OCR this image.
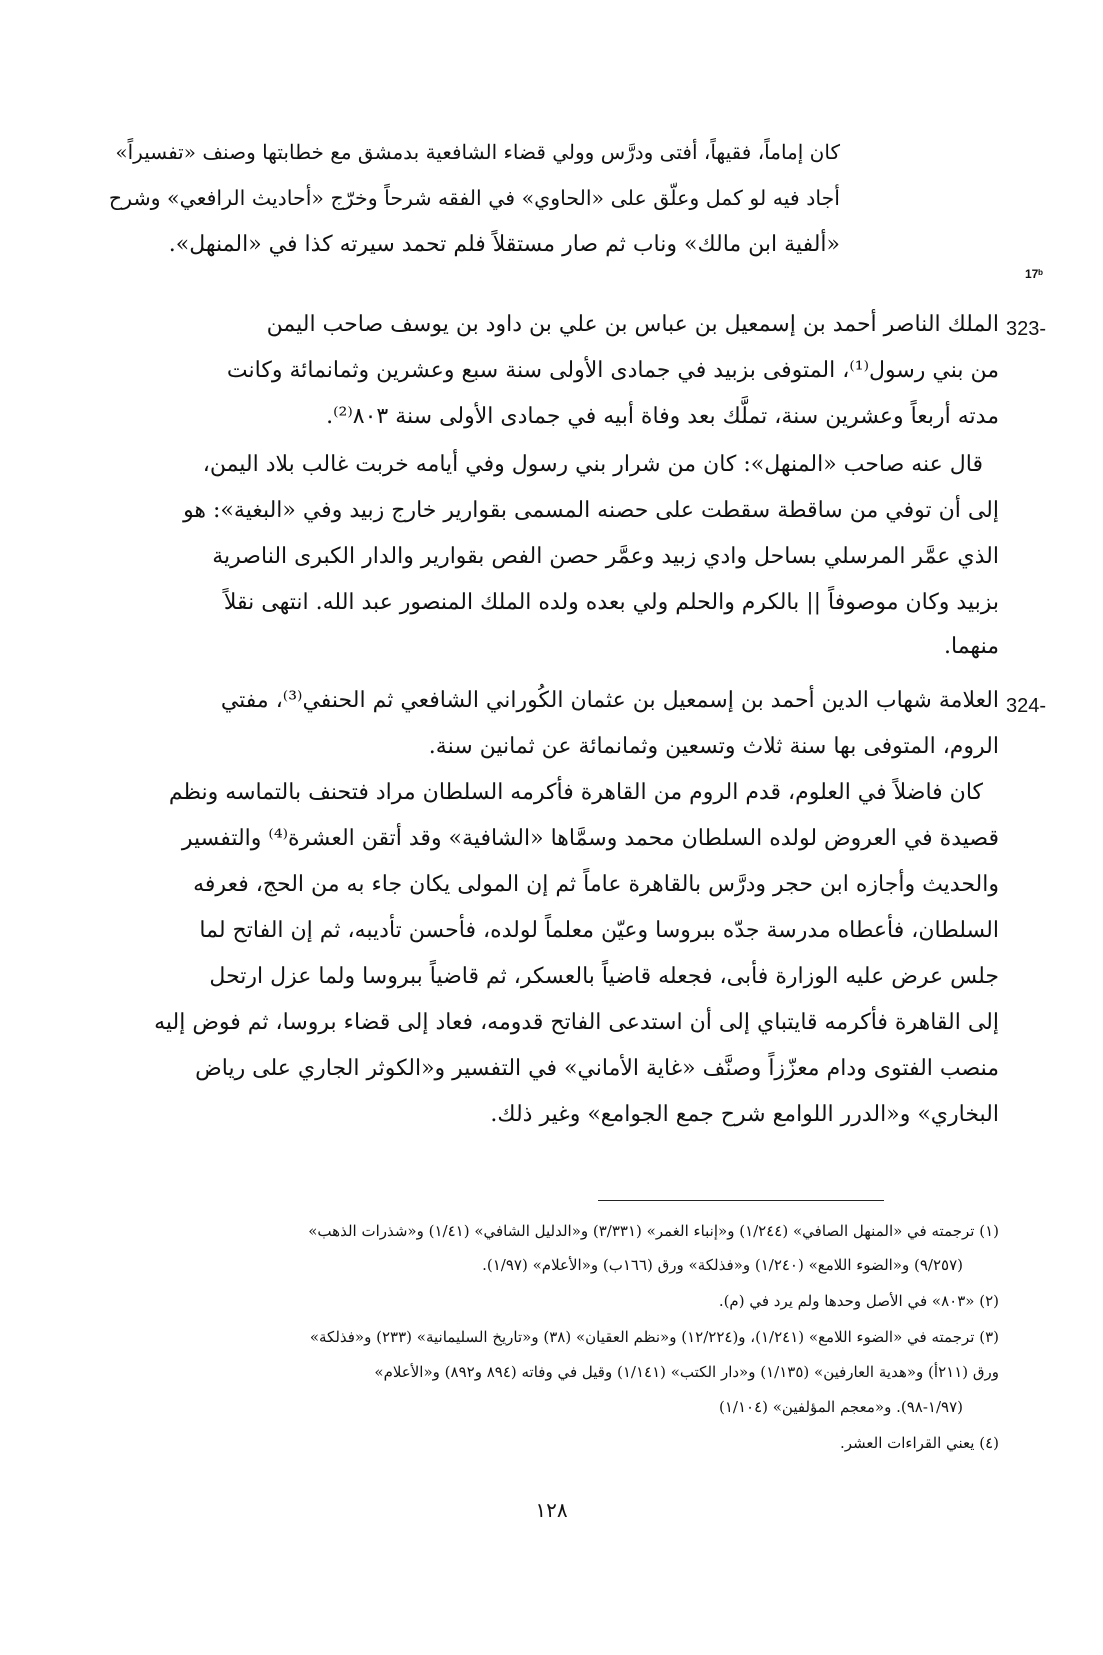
كان إماماً، فقيهاً، أفتى ودرَّس وولي قضاء الشافعية بدمشق مع خطابتها وصنف «تفسيراً»
أجاد فيه لو كمل وعلّق على «الحاوي» في الفقه شرحاً وخرّج «أحاديث الرافعي» وشرح
«ألفية ابن مالك» وناب ثم صار مستقلاً فلم تحمد سيرته كذا في «المنهل».
17ᵇ
323-
الملك الناصر أحمد بن إسمعيل بن عباس بن علي بن داود بن يوسف صاحب اليمن
من بني رسول⁽¹⁾، المتوفى بزبيد في جمادى الأولى سنة سبع وعشرين وثمانمائة وكانت
مدته أربعاً وعشرين سنة، تملَّك بعد وفاة أبيه في جمادى الأولى سنة ٨٠٣⁽²⁾.
قال عنه صاحب «المنهل»: كان من شرار بني رسول وفي أيامه خربت غالب بلاد اليمن،
إلى أن توفي من ساقطة سقطت على حصنه المسمى بقوارير خارج زبيد وفي «البغية»: هو
الذي عمَّر المرسلي بساحل وادي زبيد وعمَّر حصن الفص بقوارير والدار الكبرى الناصرية
بزبيد وكان موصوفاً || بالكرم والحلم ولي بعده ولده الملك المنصور عبد الله. انتهى نقلاً
منهما.
324-
العلامة شهاب الدين أحمد بن إسمعيل بن عثمان الكُوراني الشافعي ثم الحنفي⁽³⁾، مفتي
الروم، المتوفى بها سنة ثلاث وتسعين وثمانمائة عن ثمانين سنة.
كان فاضلاً في العلوم، قدم الروم من القاهرة فأكرمه السلطان مراد فتحنف بالتماسه ونظم
قصيدة في العروض لولده السلطان محمد وسمَّاها «الشافية» وقد أتقن العشرة⁽⁴⁾ والتفسير
والحديث وأجازه ابن حجر ودرَّس بالقاهرة عاماً ثم إن المولى يكان جاء به من الحج، فعرفه
السلطان، فأعطاه مدرسة جدّه ببروسا وعيّن معلماً لولده، فأحسن تأديبه، ثم إن الفاتح لما
جلس عرض عليه الوزارة فأبى، فجعله قاضياً بالعسكر، ثم قاضياً ببروسا ولما عزل ارتحل
إلى القاهرة فأكرمه قايتباي إلى أن استدعى الفاتح قدومه، فعاد إلى قضاء بروسا، ثم فوض إليه
منصب الفتوى ودام معزّزاً وصنَّف «غاية الأماني» في التفسير و«الكوثر الجاري على رياض
البخاري» و«الدرر اللوامع شرح جمع الجوامع» وغير ذلك.
(١) ترجمته في «المنهل الصافي» (١/٢٤٤) و«إنباء الغمر» (٣/٣٣١) و«الدليل الشافي» (١/٤١) و«شذرات الذهب»
(٩/٢٥٧) و«الضوء اللامع» (١/٢٤٠) و«فذلكة» ورق (١٦٦ب) و«الأعلام» (١/٩٧).
(٢) «٨٠٣» في الأصل وحدها ولم يرد في (م).
(٣) ترجمته في «الضوء اللامع» (١/٢٤١)، و(١٢/٢٢٤) و«نظم العقيان» (٣٨) و«تاريخ السليمانية» (٢٣٣) و«فذلكة»
ورق (٢١١أ) و«هدية العارفين» (١/١٣٥) و«دار الكتب» (١/١٤١) وقيل في وفاته (٨٩٤ و٨٩٢) و«الأعلام»
(١/٩٧-٩٨). و«معجم المؤلفين» (١/١٠٤)
(٤) يعني القراءات العشر.
١٢٨
